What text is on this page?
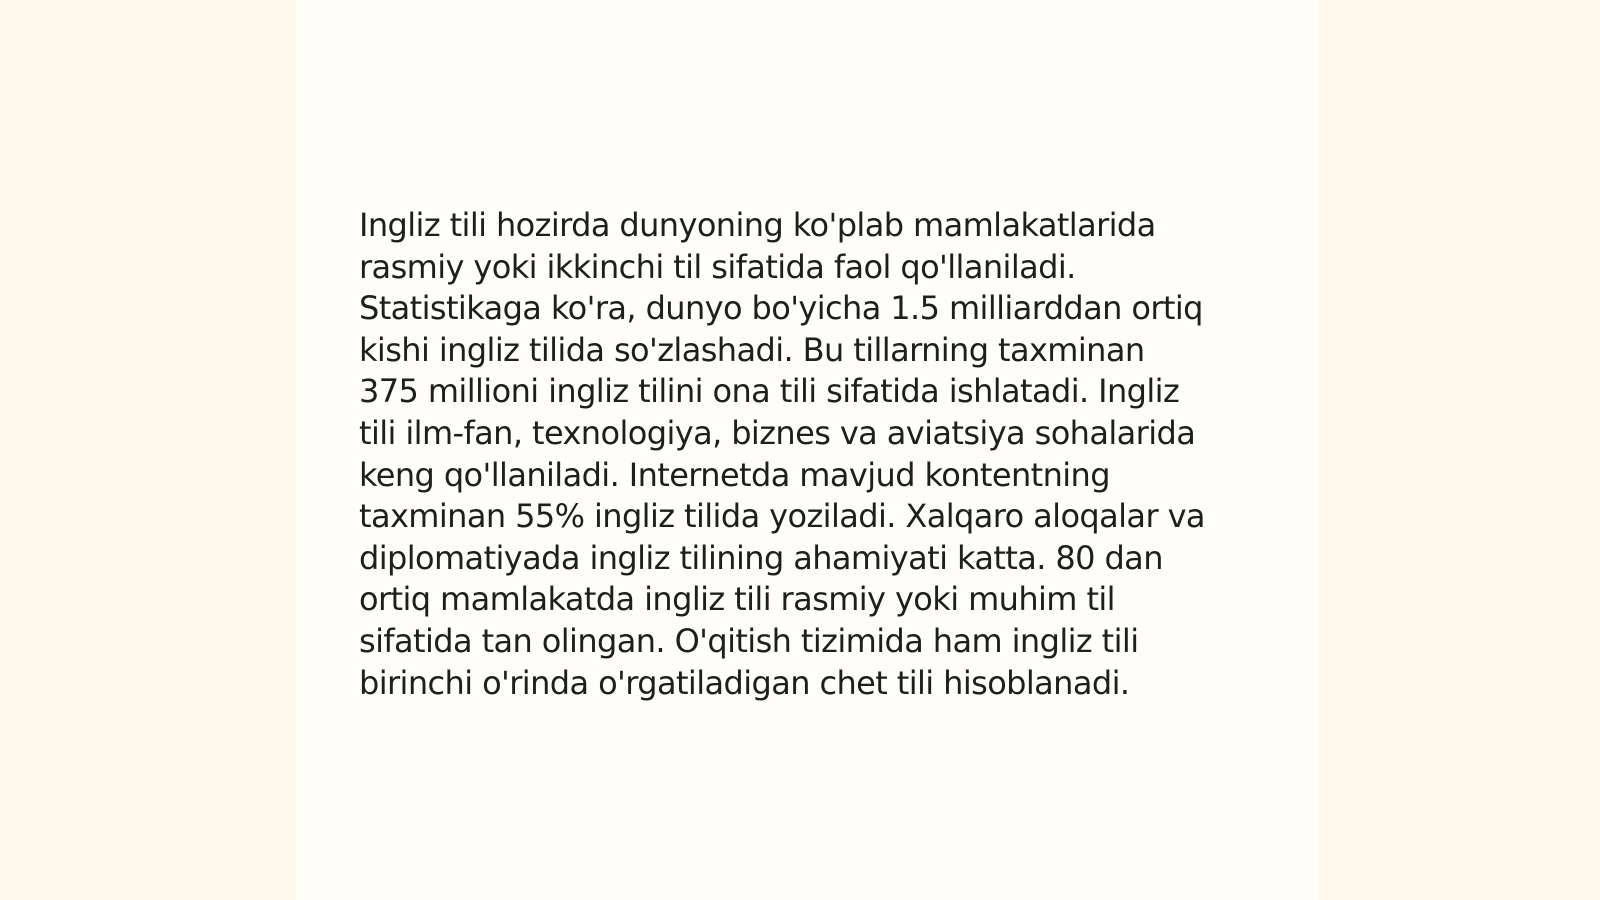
Ingliz tili hozirda dunyoning ko'plab mamlakatlarida
rasmiy yoki ikkinchi til sifatida faol qo'llaniladi.
Statistikaga ko'ra, dunyo bo'yicha 1.5 milliarddan ortiq
kishi ingliz tilida so'zlashadi. Bu tillarning taxminan
375 millioni ingliz tilini ona tili sifatida ishlatadi. Ingliz
tili ilm-fan, texnologiya, biznes va aviatsiya sohalarida
keng qo'llaniladi. Internetda mavjud kontentning
taxminan 55% ingliz tilida yoziladi. Xalqaro aloqalar va
diplomatiyada ingliz tilining ahamiyati katta. 80 dan
ortiq mamlakatda ingliz tili rasmiy yoki muhim til
sifatida tan olingan. O'qitish tizimida ham ingliz tili
birinchi o'rinda o'rgatiladigan chet tili hisoblanadi.
